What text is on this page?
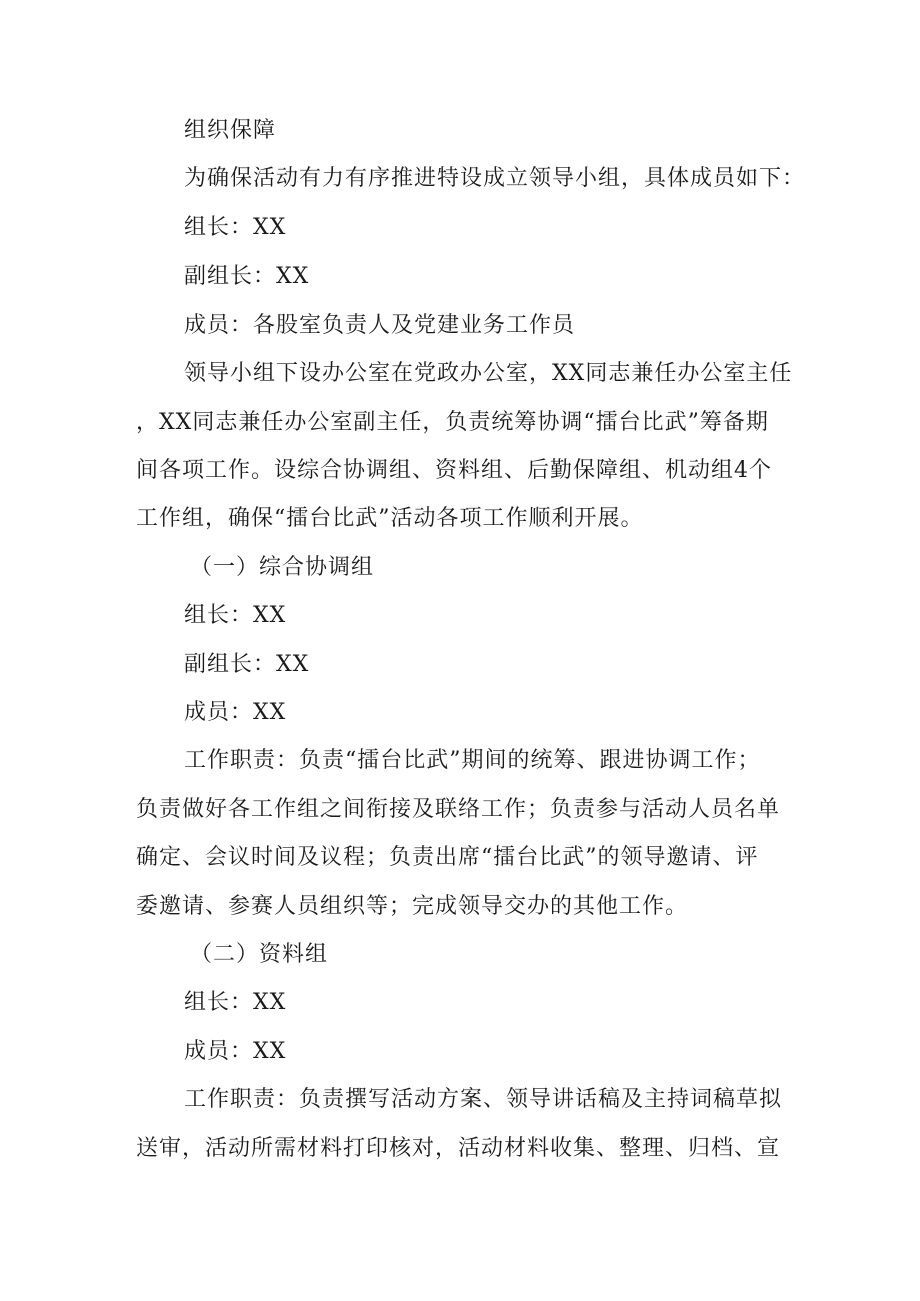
组织保障
为确保活动有力有序推进特设成立领导小组，具体成员如下：
组长：XX
副组长：XX
成员：各股室负责人及党建业务工作员
领导小组下设办公室在党政办公室，XX同志兼任办公室主任
，XX同志兼任办公室副主任，负责统筹协调“擂台比武”筹备期
间各项工作。设综合协调组、资料组、后勤保障组、机动组4个
工作组，确保“擂台比武”活动各项工作顺利开展。
（一）综合协调组
组长：XX
副组长：XX
成员：XX
工作职责：负责“擂台比武”期间的统筹、跟进协调工作；
负责做好各工作组之间衔接及联络工作；负责参与活动人员名单
确定、会议时间及议程；负责出席“擂台比武”的领导邀请、评
委邀请、参赛人员组织等；完成领导交办的其他工作。
（二）资料组
组长：XX
成员：XX
工作职责：负责撰写活动方案、领导讲话稿及主持词稿草拟
送审，活动所需材料打印核对，活动材料收集、整理、归档、宣
